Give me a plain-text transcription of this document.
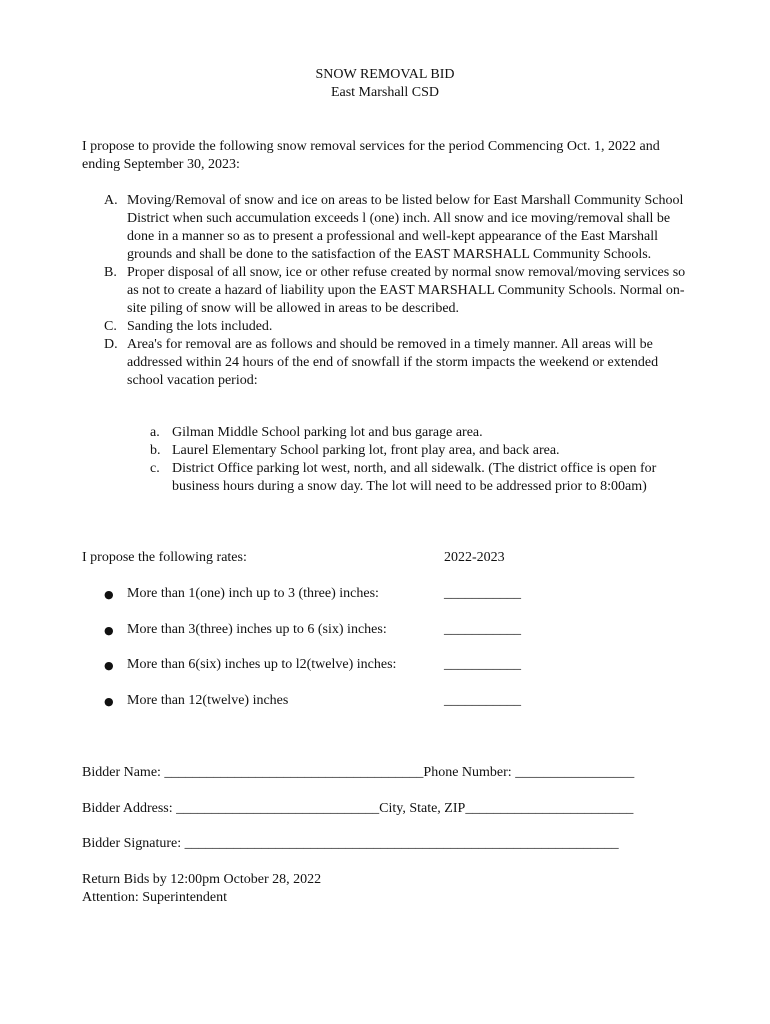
SNOW REMOVAL BID
East Marshall CSD
I propose to provide the following snow removal services for the period Commencing Oct. 1, 2022 and ending September 30, 2023:
A. Moving/Removal of snow and ice on areas to be listed below for East Marshall Community School District when such accumulation exceeds l (one) inch. All snow and ice moving/removal shall be done in a manner so as to present a professional and well-kept appearance of the East Marshall grounds and shall be done to the satisfaction of the EAST MARSHALL Community Schools.
B. Proper disposal of all snow, ice or other refuse created by normal snow removal/moving services so as not to create a hazard of liability upon the EAST MARSHALL Community Schools. Normal on-site piling of snow will be allowed in areas to be described.
C. Sanding the lots included.
D. Area's for removal are as follows and should be removed in a timely manner. All areas will be addressed within 24 hours of the end of snowfall if the storm impacts the weekend or extended school vacation period:
a. Gilman Middle School parking lot and bus garage area.
b. Laurel Elementary School parking lot, front play area, and back area.
c. District Office parking lot west, north, and all sidewalk. (The district office is open for business hours during a snow day. The lot will need to be addressed prior to 8:00am)
I propose the following rates:	2022-2023
● More than 1(one) inch up to 3 (three) inches:	___________
● More than 3(three) inches up to 6 (six) inches:	___________
● More than 6(six) inches up to l2(twelve) inches:	___________
● More than 12(twelve) inches	___________
Bidder Name: _____________________________________Phone Number: _________________
Bidder Address: _____________________________City, State, ZIP________________________
Bidder Signature: ______________________________________________________________
Return Bids by 12:00pm October 28, 2022
Attention: Superintendent
